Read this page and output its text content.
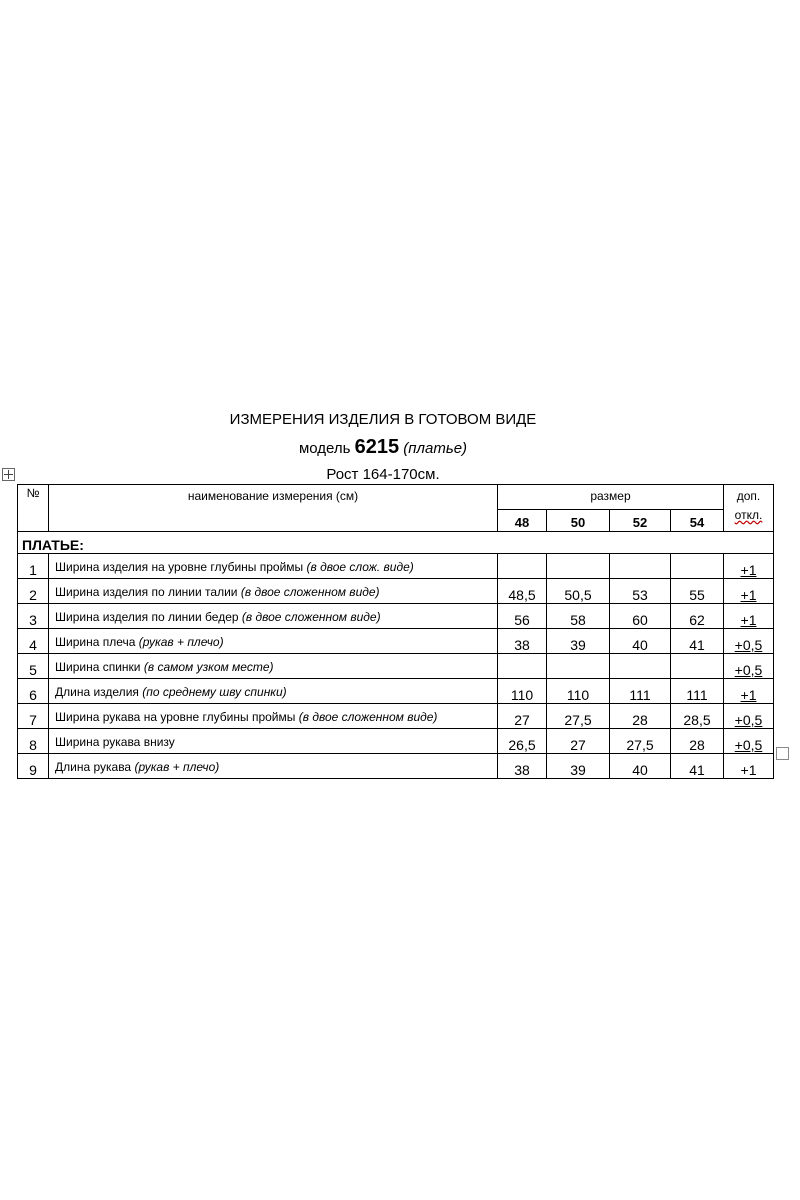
ИЗМЕРЕНИЯ ИЗДЕЛИЯ В ГОТОВОМ ВИДЕ
модель 6215 (платье)
Рост 164-170см.
№	наименование измерения (см)	размер				доп.
откл.
		48	50	52	54	
ПЛАТЬЕ:						
1	Ширина изделия на уровне глубины проймы (в двое слож. виде)					+1
2	Ширина изделия по линии талии (в двое сложенном виде)	48,5	50,5	53	55	+1
3	Ширина изделия по линии бедер (в двое сложенном виде)	56	58	60	62	+1
4	Ширина плеча (рукав + плечо)	38	39	40	41	+0,5
5	Ширина спинки (в самом узком месте)					+0,5
6	Длина изделия (по среднему шву спинки)	110	110	111	111	+1
7	Ширина рукава на уровне глубины проймы (в двое сложенном виде)	27	27,5	28	28,5	+0,5
8	Ширина рукава внизу	26,5	27	27,5	28	+0,5
9	Длина рукава (рукав + плечо)	38	39	40	41	+1
